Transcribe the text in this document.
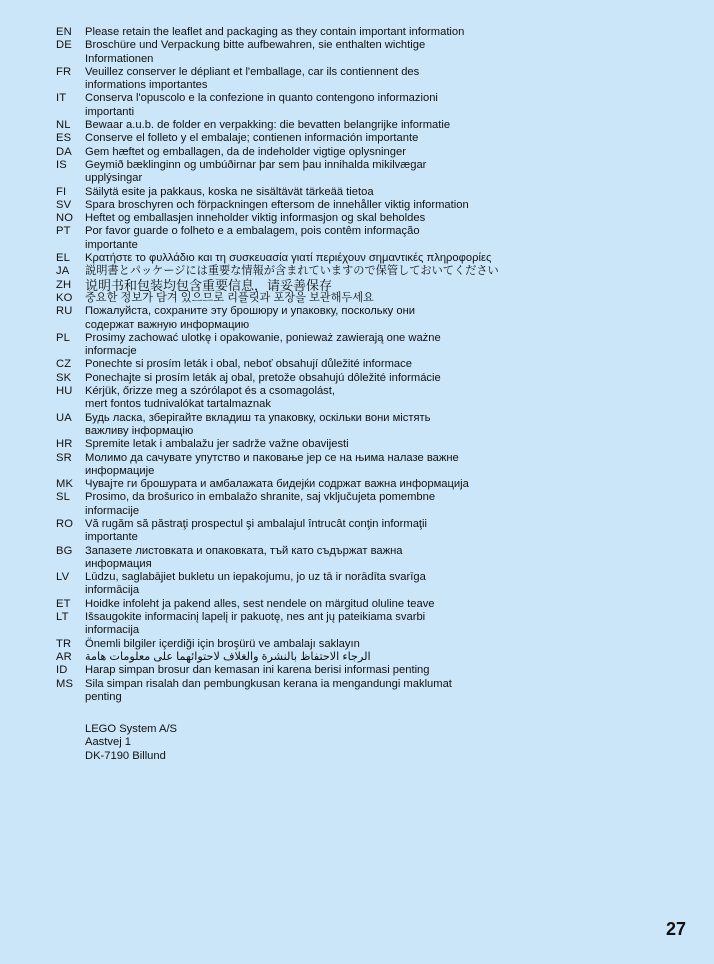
EN	Please retain the leaflet and packaging as they contain important information
DE	Broschüre und Verpackung bitte aufbewahren, sie enthalten wichtige
Informationen
FR	Veuillez conserver le dépliant et l'emballage, car ils contiennent des
informations importantes
IT	Conserva l'opuscolo e la confezione in quanto contengono informazioni
importanti
NL	Bewaar a.u.b. de folder en verpakking: die bevatten belangrijke informatie
ES	Conserve el folleto y el embalaje; contienen información importante
DA	Gem hæftet og emballagen, da de indeholder vigtige oplysninger
IS	Geymið bæklinginn og umbúðirnar þar sem þau innihalda mikilvægar
upplýsingar
FI	Säilytä esite ja pakkaus, koska ne sisältävät tärkeää tietoa
SV	Spara broschyren och förpackningen eftersom de innehåller viktig information
NO	Heftet og emballasjen inneholder viktig informasjon og skal beholdes
PT	Por favor guarde o folheto e a embalagem, pois contêm informação
importante
EL	Κρατήστε το φυλλάδιο και τη συσκευασία γιατί περιέχουν σημαντικές πληροφορίες
JA	説明書とパッケージには重要な情報が含まれていますので保管しておいてください
ZH	说明书和包装均包含重要信息，请妥善保存
KO	중요한 정보가 담겨 있으므로 리플릿과 포장을 보관해두세요
RU	Пожалуйста, сохраните эту брошюру и упаковку, поскольку они
содержат важную информацию
PL	Prosimy zachować ulotkę i opakowanie, ponieważ zawierają one ważne
informacje
CZ	Ponechte si prosím leták i obal, neboť obsahují důležité informace
SK	Ponechajte si prosím leták aj obal, pretože obsahujú dôležité informácie
HU	Kérjük, őrizze meg a szórólapot és a csomagolást,
mert fontos tudnivalókat tartalmaznak
UA	Будь ласка, зберігайте вкладиш та упаковку, оскільки вони містять
важливу інформацію
HR	Spremite letak i ambalažu jer sadrže važne obavijesti
SR	Молимо да сачувате упутство и паковање јер се на њима налазе важне
информације
MK	Чувајте ги брошурата и амбалажата бидејќи содржат важна информација
SL	Prosimo, da brošurico in embalažo shranite, saj vključujeta pomembne
informacije
RO	Vă rugăm să păstraţi prospectul şi ambalajul întrucât conţin informaţii
importante
BG	Запазете листовката и опаковката, тъй като съдържат важна
информация
LV	Lūdzu, saglabājiet bukletu un iepakojumu, jo uz tā ir norādīta svarīga
informācija
ET	Hoidke infoleht ja pakend alles, sest nendele on märgitud oluline teave
LT	Išsaugokite informacinį lapelį ir pakuotę, nes ant jų pateikiama svarbi
informacija
TR	Önemli bilgiler içerdiği için broşürü ve ambalajı saklayın
AR	الرجاء الاحتفاظ بالنشرة والغلاف لاحتوائهما على معلومات هامة
ID	Harap simpan brosur dan kemasan ini karena berisi informasi penting
MS	Sila simpan risalah dan pembungkusan kerana ia mengandungi maklumat
penting
LEGO System A/S
Aastvej 1
DK-7190 Billund
27
